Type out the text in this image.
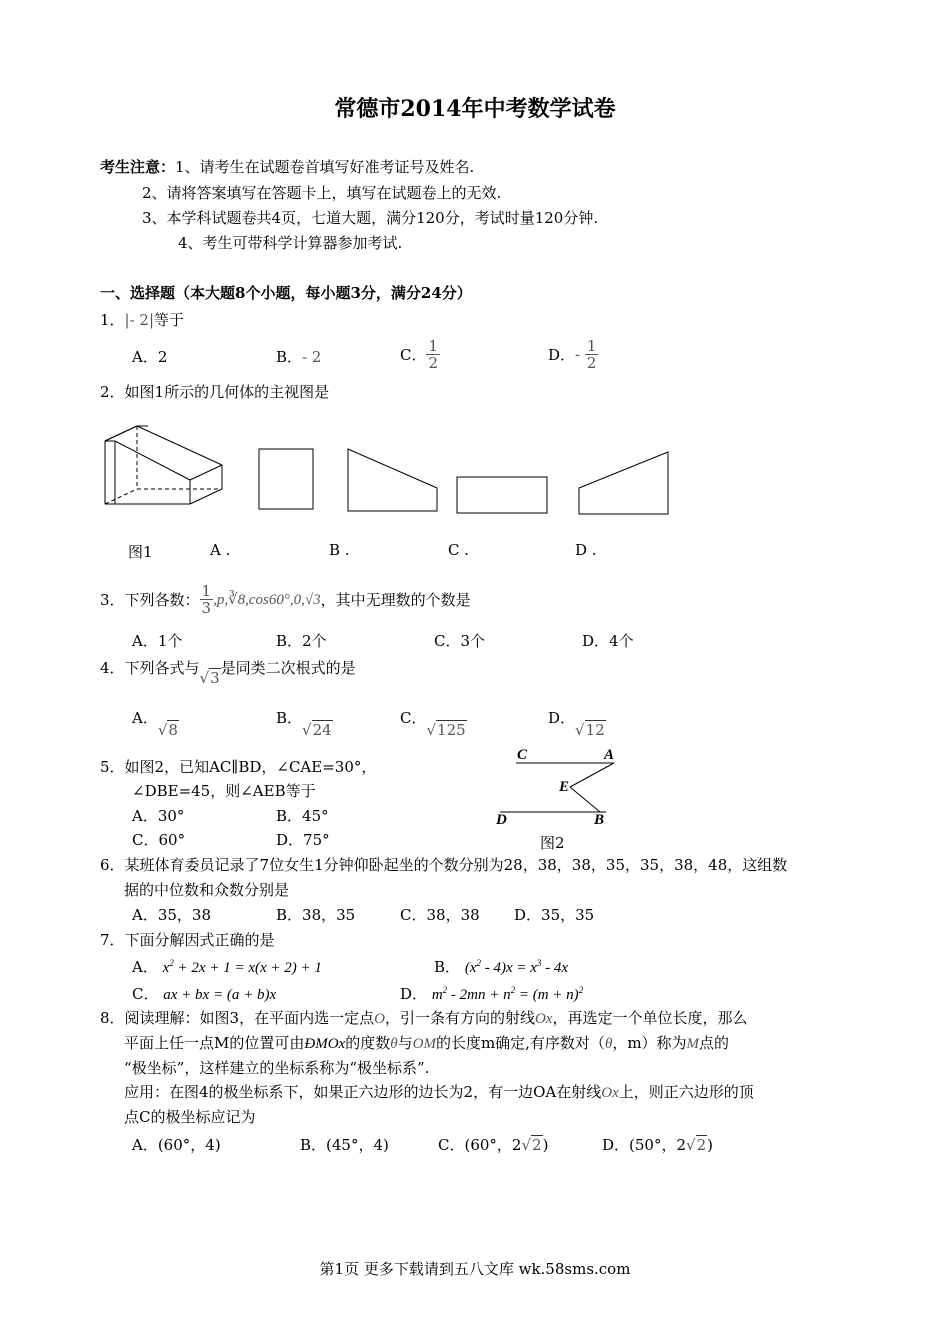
常德市2014年中考数学试卷
考生注意：1、请考生在试题卷首填写好准考证号及姓名.
2、请将答案填写在答题卡上，填写在试题卷上的无效.
3、本学科试题卷共4页，七道大题，满分120分，考试时量120分钟.
4、考生可带科学计算器参加考试.
一、选择题（本大题8个小题，每小题3分，满分24分）
1．|- 2|等于
A．2	B．- 2	C． $\frac{1}{2}$	D．- $\frac{1}{2}$
2．如图1所示的几何体的主视图是
图1	A .	B .	C .	D .
3．下列各数： $\frac{1}{3}$ ,p,∛8,cos60°,0,√3，其中无理数的个数是
A．1个	B．2个	C．3个	D．4个
4．下列各式与√3是同类二次根式的是
A．√8
B．√24
C．√125
D．√12
5．如图2，已知AC∥BD，∠CAE=30°，
∠DBE=45，则∠AEB等于
A．30°	B．45°
C．60°	D．75°
C	A
E
D	B
图2
6．某班体育委员记录了7位女生1分钟仰卧起坐的个数分别为28，38，38，35，35，38，48，这组数
据的中位数和众数分别是
A．35，38	B．38，35	C．38，38 D．35，35
7．下面分解因式正确的是
A． $x^2 + 2x + 1 = x(x + 2) + 1$	B． $(x^2 - 4)x = x^3 - 4x$
C． ax + bx = (a + b)x	D． $m^2 - 2mn + n^2 = (m + n)^2$
8．阅读理解：如图3，在平面内选一定点O，引一条有方向的射线Ox，再选定一个单位长度，那么
平面上任一点M的位置可由ĐMOx的度数θ与OM的长度m确定,有序数对（θ，m）称为M点的
“极坐标”，这样建立的坐标系称为“极坐标系”.
应用：在图4的极坐标系下，如果正六边形的边长为2，有一边OA在射线Ox上，则正六边形的顶
点C的极坐标应记为
A．(60°，4)	B．(45°，4)	C．(60°，2√2)	D．(50°，2√2)
第1页 更多下载请到五八文库 wk.58sms.com
